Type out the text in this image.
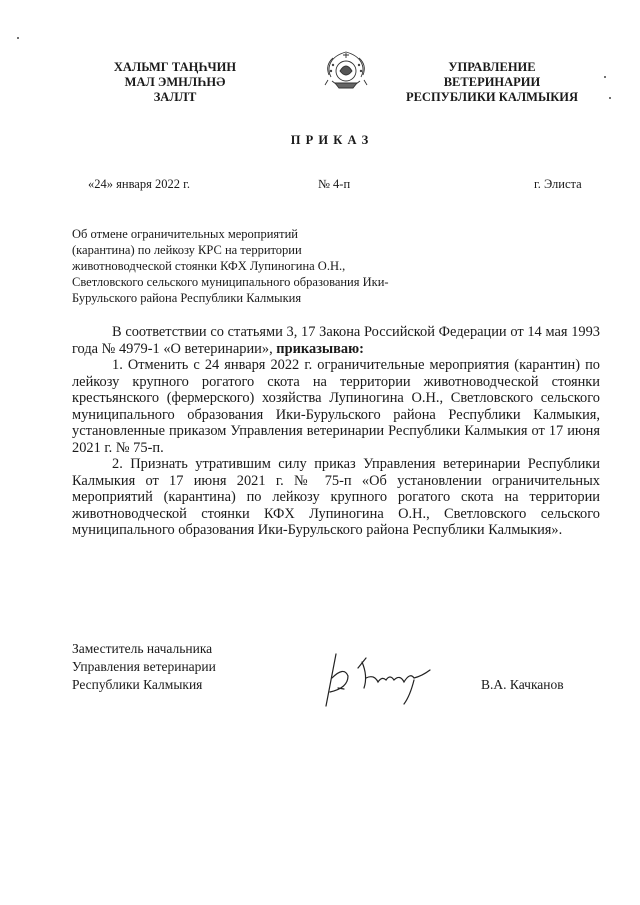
ХАЛЬМГ ТАҢҺЧИН
МАЛ ЭМНЛҺНӘ
ЗАЛЛТ
УПРАВЛЕНИЕ
ВЕТЕРИНАРИИ
РЕСПУБЛИКИ КАЛМЫКИЯ
П Р И К А З
«24» января 2022 г.	№ 4-п	г. Элиста
Об отмене ограничительных мероприятий
(карантина) по лейкозу КРС на территории
животноводческой стоянки КФХ Лупиногина О.Н.,
Светловского сельского муниципального образования Ики-
Бурульского района Республики Калмыкия

В соответствии со статьями 3, 17 Закона Российской Федерации от 14 мая 1993 года № 4979-1 «О ветеринарии», приказываю:

1. Отменить с 24 января 2022 г. ограничительные мероприятия (карантин) по лейкозу крупного рогатого скота на территории животноводческой стоянки крестьянского (фермерского) хозяйства Лупиногина О.Н., Светловского сельского муниципального образования Ики-Бурульского района Республики Калмыкия, установленные приказом Управления ветеринарии Республики Калмыкия от 17 июня 2021 г. № 75-п.

2. Признать утратившим силу приказ Управления ветеринарии Республики Калмыкия от 17 июня 2021 г. № 75-п «Об установлении ограничительных мероприятий (карантина) по лейкозу крупного рогатого скота на территории животноводческой стоянки КФХ Лупиногина О.Н., Светловского сельского муниципального образования Ики-Бурульского района Республики Калмыкия».

Заместитель начальника
Управления ветеринарии
Республики Калмыкия	В.А. Качканов
